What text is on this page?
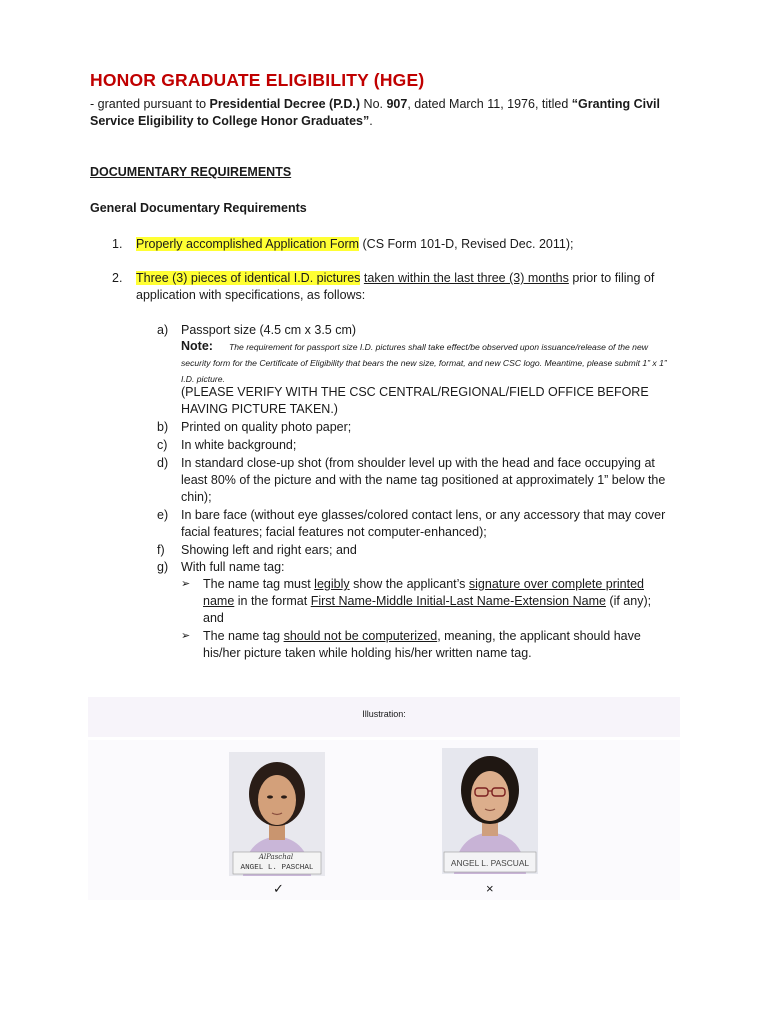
HONOR GRADUATE ELIGIBILITY (HGE)
- granted pursuant to Presidential Decree (P.D.) No. 907, dated March 11, 1976, titled “Granting Civil Service Eligibility to College Honor Graduates”.
DOCUMENTARY REQUIREMENTS
General Documentary Requirements
1. Properly accomplished Application Form (CS Form 101-D, Revised Dec. 2011);
2. Three (3) pieces of identical I.D. pictures taken within the last three (3) months prior to filing of application with specifications, as follows:
a) Passport size (4.5 cm x 3.5 cm)
The requirement for passport size I.D. pictures shall take effect/be observed upon issuance/release of the new security form for the Certificate of Eligibility that bears the new size, format, and new CSC logo. Meantime, please submit 1” x 1” I.D. picture.
Note:
(PLEASE VERIFY WITH THE CSC CENTRAL/REGIONAL/FIELD OFFICE BEFORE HAVING PICTURE TAKEN.)
b) Printed on quality photo paper;
c) In white background;
d) In standard close-up shot (from shoulder level up with the head and face occupying at least 80% of the picture and with the name tag positioned at approximately 1” below the chin);
e) In bare face (without eye glasses/colored contact lens, or any accessory that may cover facial features; facial features not computer-enhanced);
f) Showing left and right ears; and
g) With full name tag:
➢ The name tag must legibly show the applicant’s signature over complete printed name in the format First Name-Middle Initial-Last Name-Extension Name (if any); and
➢ The name tag should not be computerized, meaning, the applicant should have his/her picture taken while holding his/her written name tag.
Illustration:
AlPaschal
ANGEL L. PASCHAL
✓
ANGEL L. PASCUAL
×
